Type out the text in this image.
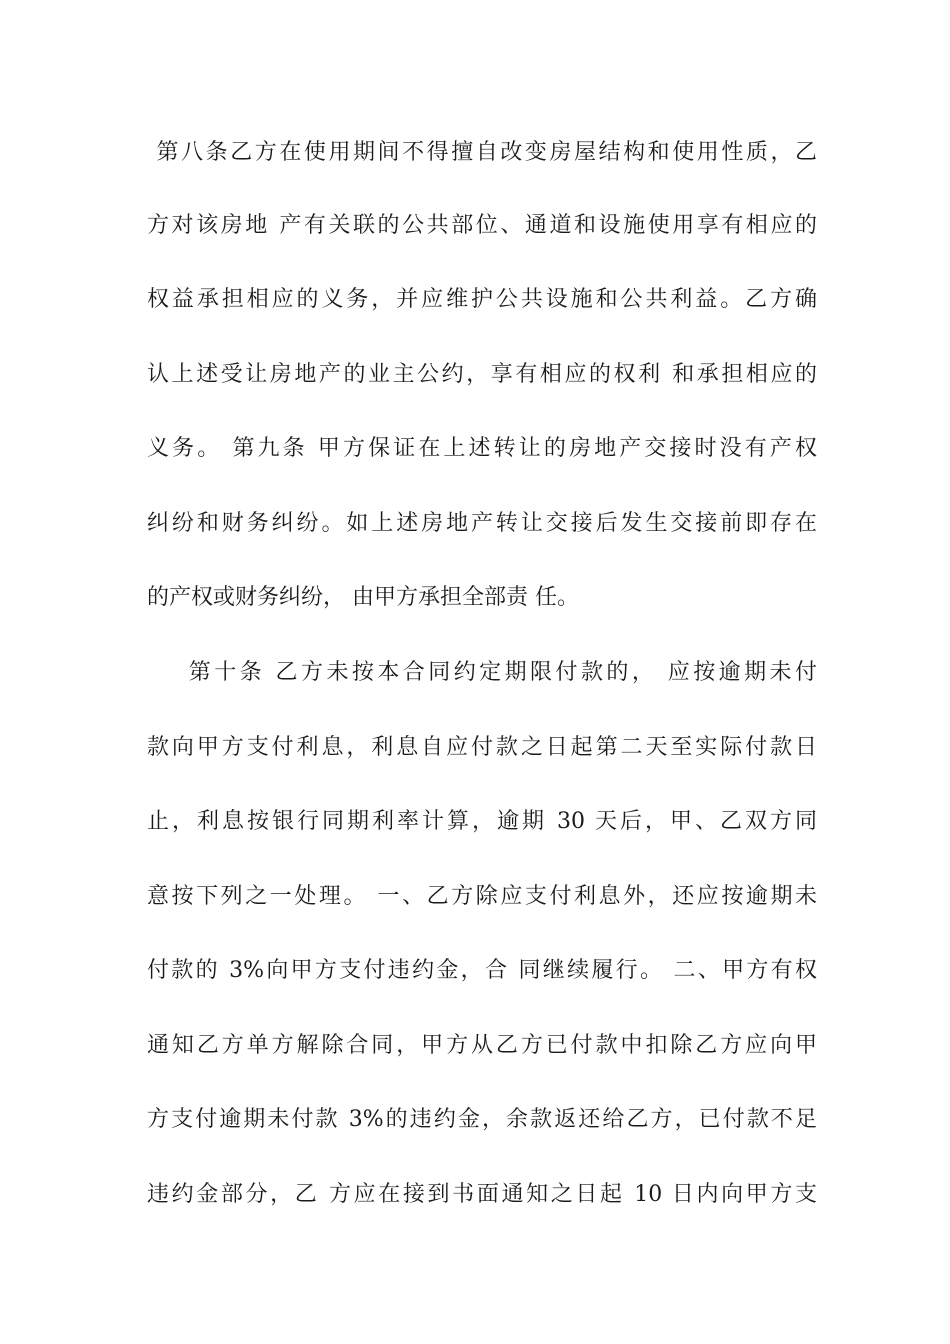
第八条乙方在使用期间不得擅自改变房屋结构和使用性质，乙
方对该房地 产有关联的公共部位、通道和设施使用享有相应的
权益承担相应的义务，并应维护公共设施和公共利益。乙方确
认上述受让房地产的业主公约，享有相应的权利 和承担相应的
义务。 第九条 甲方保证在上述转让的房地产交接时没有产权
纠纷和财务纠纷。如上述房地产转让交接后发生交接前即存在
的产权或财务纠纷， 由甲方承担全部责 任。
第十条 乙方未按本合同约定期限付款的， 应按逾期未付
款向甲方支付利息，利息自应付款之日起第二天至实际付款日
止，利息按银行同期利率计算，逾期 30 天后，甲、乙双方同
意按下列之一处理。 一、乙方除应支付利息外，还应按逾期未
付款的 3%向甲方支付违约金，合 同继续履行。 二、甲方有权
通知乙方单方解除合同，甲方从乙方已付款中扣除乙方应向甲
方支付逾期未付款 3%的违约金，余款返还给乙方，已付款不足
违约金部分，乙 方应在接到书面通知之日起 10 日内向甲方支
